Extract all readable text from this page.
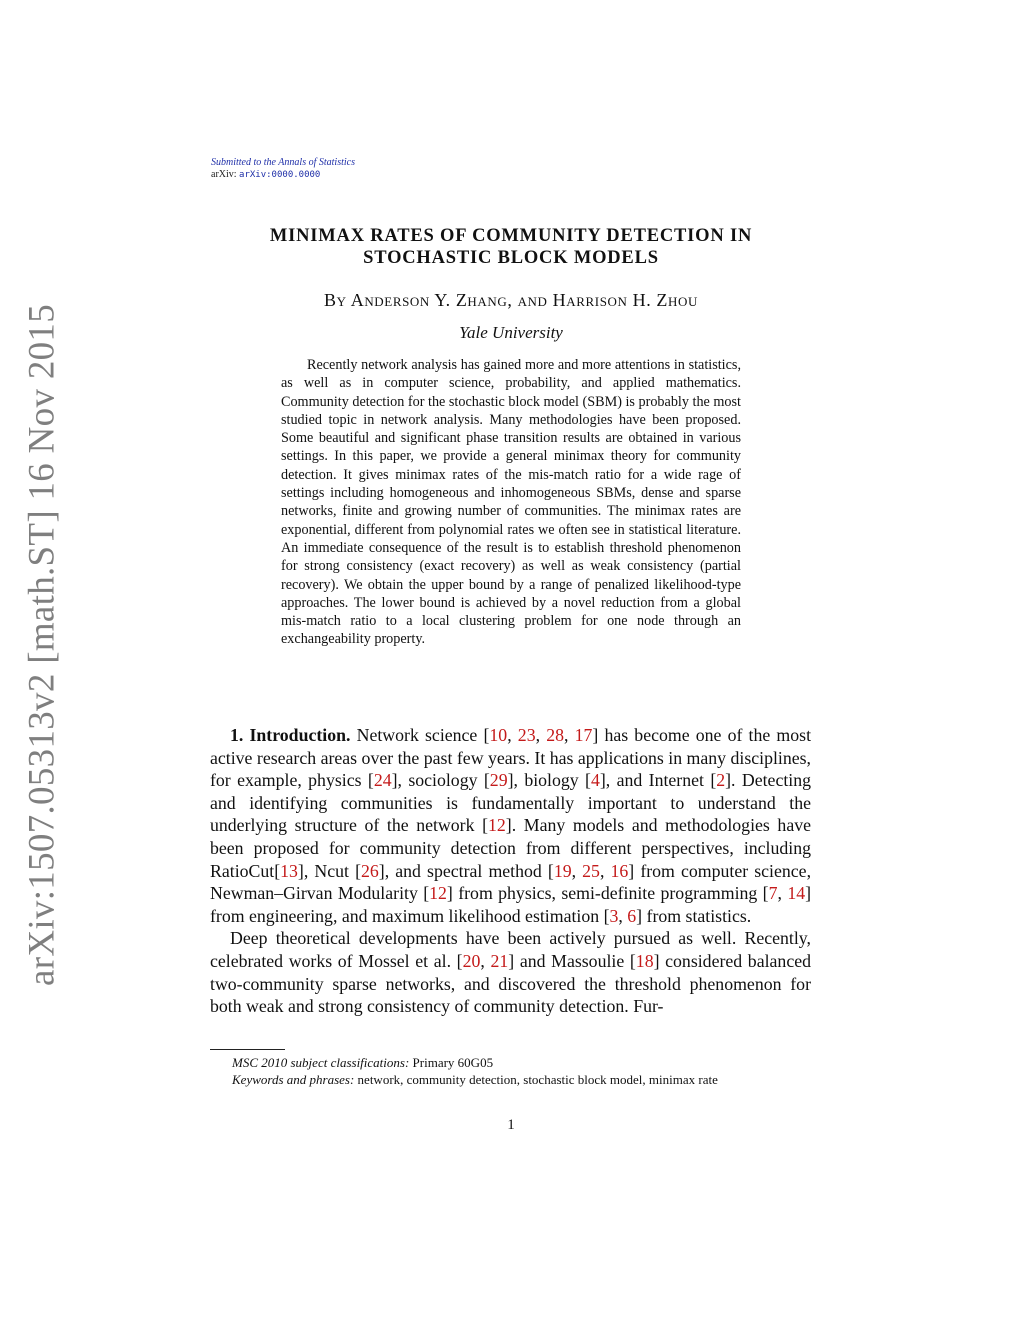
arXiv:1507.05313v2 [math.ST] 16 Nov 2015
Submitted to the Annals of Statistics
arXiv: arXiv:0000.0000
MINIMAX RATES OF COMMUNITY DETECTION IN
STOCHASTIC BLOCK MODELS
By Anderson Y. Zhang, and Harrison H. Zhou
Yale University

Recently network analysis has gained more and more attentions in statistics, as well as in computer science, probability, and applied mathematics. Community detection for the stochastic block model (SBM) is probably the most studied topic in network analysis. Many methodologies have been proposed. Some beautiful and significant phase transition results are obtained in various settings. In this paper, we provide a general minimax theory for community detection. It gives minimax rates of the mis-match ratio for a wide rage of settings including homogeneous and inhomogeneous SBMs, dense and sparse networks, finite and growing number of communities. The minimax rates are exponential, different from polynomial rates we often see in statistical literature. An immediate consequence of the result is to establish threshold phenomenon for strong consistency (exact recovery) as well as weak consistency (partial recovery). We obtain the upper bound by a range of penalized likelihood-type approaches. The lower bound is achieved by a novel reduction from a global mis-match ratio to a local clustering problem for one node through an exchangeability property.

1. Introduction. Network science [10, 23, 28, 17] has become one of the most active research areas over the past few years. It has applications in many disciplines, for example, physics [24], sociology [29], biology [4], and Internet [2]. Detecting and identifying communities is fundamentally important to understand the underlying structure of the network [12]. Many models and methodologies have been proposed for community detection from different perspectives, including RatioCut[13], Ncut [26], and spectral method [19, 25, 16] from computer science, Newman–Girvan Modularity [12] from physics, semi-definite programming [7, 14] from engineering, and maximum likelihood estimation [3, 6] from statistics.

Deep theoretical developments have been actively pursued as well. Recently, celebrated works of Mossel et al. [20, 21] and Massoulie [18] considered balanced two-community sparse networks, and discovered the threshold phenomenon for both weak and strong consistency of community detection. Fur-

MSC 2010 subject classifications: Primary 60G05

Keywords and phrases: network, community detection, stochastic block model, minimax rate

1
